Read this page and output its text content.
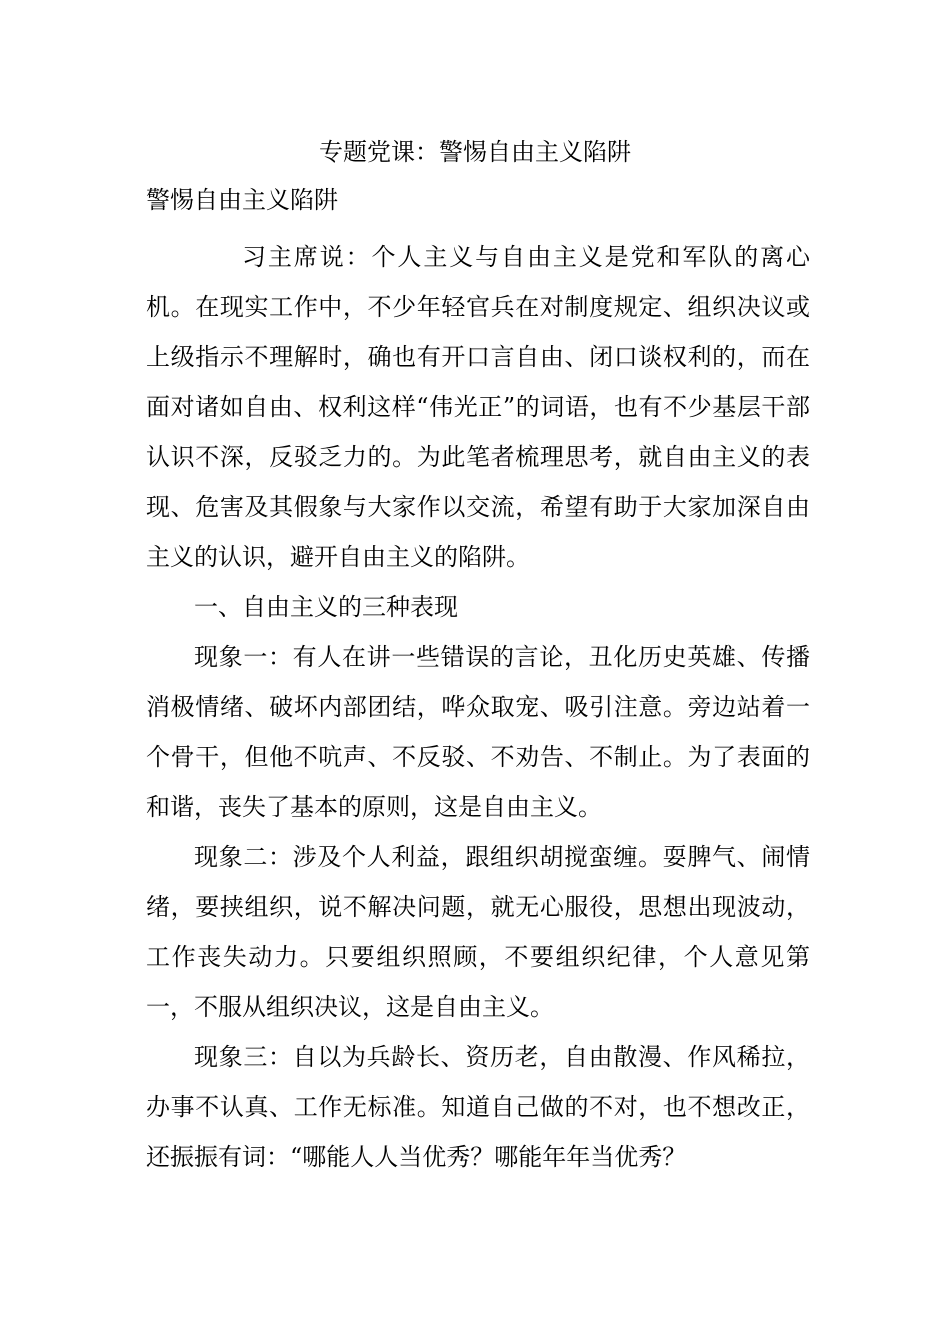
专题党课：警惕自由主义陷阱

警惕自由主义陷阱

习主席说：个人主义与自由主义是党和军队的离心机。在现实工作中，不少年轻官兵在对制度规定、组织决议或上级指示不理解时，确也有开口言自由、闭口谈权利的，而在面对诸如自由、权利这样“伟光正”的词语，也有不少基层干部认识不深，反驳乏力的。为此笔者梳理思考，就自由主义的表现、危害及其假象与大家作以交流，希望有助于大家加深自由主义的认识，避开自由主义的陷阱。

一、自由主义的三种表现

现象一：有人在讲一些错误的言论，丑化历史英雄、传播消极情绪、破坏内部团结，哗众取宠、吸引注意。旁边站着一个骨干，但他不吭声、不反驳、不劝告、不制止。为了表面的和谐，丧失了基本的原则，这是自由主义。

现象二：涉及个人利益，跟组织胡搅蛮缠。耍脾气、闹情绪，要挟组织，说不解决问题，就无心服役，思想出现波动，工作丧失动力。只要组织照顾，不要组织纪律，个人意见第一，不服从组织决议，这是自由主义。

现象三：自以为兵龄长、资历老，自由散漫、作风稀拉，办事不认真、工作无标准。知道自己做的不对，也不想改正，还振振有词：“哪能人人当优秀？哪能年年当优秀？
